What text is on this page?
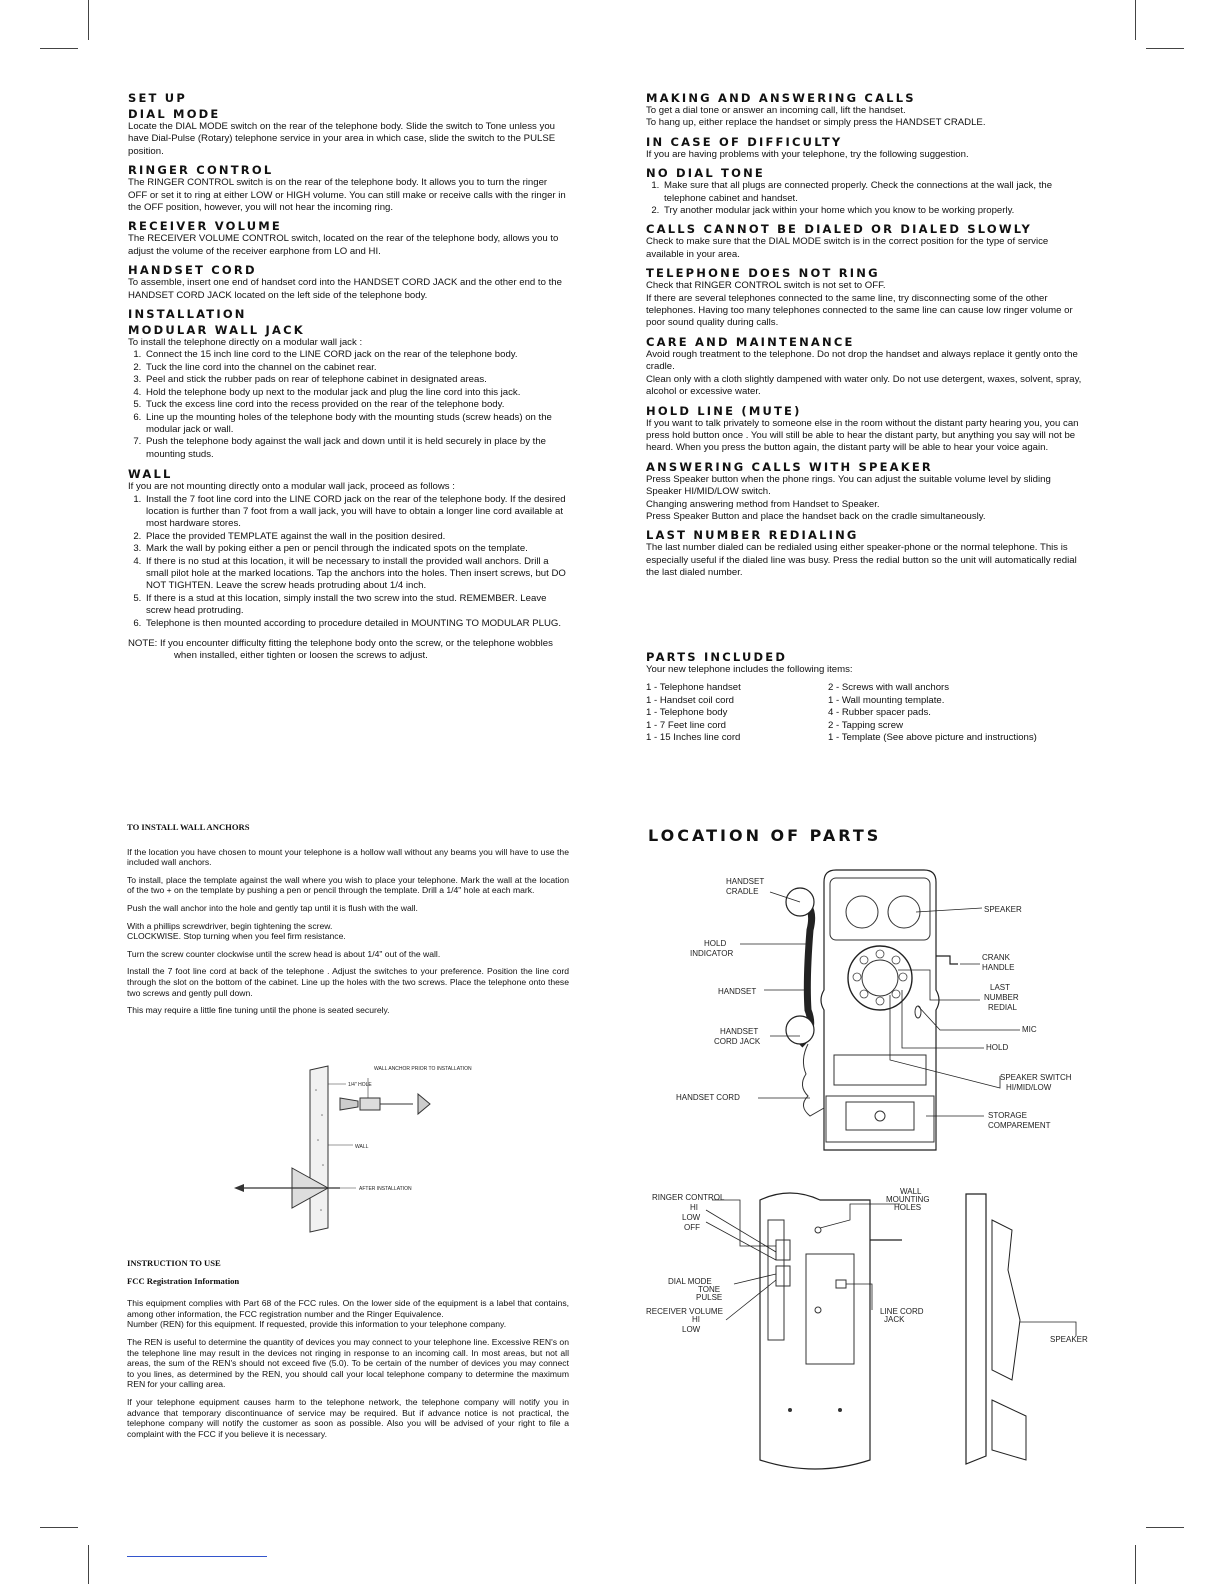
SET UP
DIAL MODE

Locate the DIAL MODE switch on the rear of the telephone body. Slide the switch to Tone unless you have Dial-Pulse (Rotary) telephone service in your area in which case, slide the switch to the PULSE position.

RINGER CONTROL

The RINGER CONTROL switch is on the rear of the telephone body. It allows you to turn the ringer OFF or set it to ring at either LOW or HIGH volume. You can still make or receive calls with the ringer in the OFF position, however, you will not hear the incoming ring.

RECEIVER VOLUME

The RECEIVER VOLUME CONTROL switch, located on the rear of the telephone body, allows you to adjust the volume of the receiver earphone from LO and HI.

HANDSET CORD

To assemble, insert one end of handset cord into the HANDSET CORD JACK and the other end to the HANDSET CORD JACK located on the left side of the telephone body.

INSTALLATION
MODULAR WALL JACK

To install the telephone directly on a modular wall jack :

1. Connect the 15 inch line cord to the LINE CORD jack on the rear of the telephone body.
2. Tuck the line cord into the channel on the cabinet rear.
3. Peel and stick the rubber pads on rear of telephone cabinet in designated areas.
4. Hold the telephone body up next to the modular jack and plug the line cord into this jack.
5. Tuck the excess line cord into the recess provided on the rear of the telephone body.
6. Line up the mounting holes of the telephone body with the mounting studs (screw heads) on the modular jack or wall.
7. Push the telephone body against the wall jack and down until it is held securely in place by the mounting studs.
WALL

If you are not mounting directly onto a modular wall jack, proceed as follows :

1. Install the 7 foot line cord into the LINE CORD jack on the rear of the telephone body. If the desired location is further than 7 foot from a wall jack, you will have to obtain a longer line cord available at most hardware stores.
2. Place the provided TEMPLATE against the wall in the position desired.
3. Mark the wall by poking either a pen or pencil through the indicated spots on the template.
4. If there is no stud at this location, it will be necessary to install the provided wall anchors. Drill a small pilot hole at the marked locations. Tap the anchors into the holes. Then insert screws, but DO NOT TIGHTEN. Leave the screw heads protruding about 1/4 inch.
5. If there is a stud at this location, simply install the two screw into the stud. REMEMBER. Leave screw head protruding.
6. Telephone is then mounted according to procedure detailed in MOUNTING TO MODULAR PLUG.

NOTE: If you encounter difficulty fitting the telephone body onto the screw, or the telephone wobbles when installed, either tighten or loosen the screws to adjust.

MAKING AND ANSWERING CALLS

To get a dial tone or answer an incoming call, lift the handset.
To hang up, either replace the handset or simply press the HANDSET CRADLE.

IN CASE OF DIFFICULTY

If you are having problems with your telephone, try the following suggestion.

NO DIAL TONE
1. Make sure that all plugs are connected properly. Check the connections at the wall jack, the telephone cabinet and handset.
2. Try another modular jack within your home which you know to be working properly.
CALLS CANNOT BE DIALED OR DIALED SLOWLY

Check to make sure that the DIAL MODE switch is in the correct position for the type of service available in your area.

TELEPHONE DOES NOT RING

Check that RINGER CONTROL switch is not set to OFF.
If there are several telephones connected to the same line, try disconnecting some of the other telephones. Having too many telephones connected to the same line can cause low ringer volume or poor sound quality during calls.

CARE AND MAINTENANCE

Avoid rough treatment to the telephone. Do not drop the handset and always replace it gently onto the cradle.
Clean only with a cloth slightly dampened with water only. Do not use detergent, waxes, solvent, spray, alcohol or excessive water.

HOLD LINE (MUTE)

If you want to talk privately to someone else in the room without the distant party hearing you, you can press hold button once . You will still be able to hear the distant party, but anything you say will not be heard. When you press the button again, the distant party will be able to hear your voice again.

ANSWERING CALLS WITH SPEAKER

Press Speaker button when the phone rings. You can adjust the suitable volume level by sliding Speaker HI/MID/LOW switch.
Changing answering method from Handset to Speaker.
Press Speaker Button and place the handset back on the cradle simultaneously.

LAST NUMBER REDIALING

The last number dialed can be redialed using either speaker-phone or the normal telephone. This is especially useful if the dialed line was busy. Press the redial button so the unit will automatically redial the last dialed number.

PARTS INCLUDED

Your new telephone includes the following items:

1 - Telephone handset
1 - Handset coil cord
1 - Telephone body
1 - 7 Feet line cord
1 - 15 Inches line cord
2 - Screws with wall anchors
1 - Wall mounting template.
4 - Rubber spacer pads.
2 - Tapping screw
1 - Template (See above picture and instructions)

TO INSTALL WALL ANCHORS

If the location you have chosen to mount your telephone is a hollow wall without any beams you will have to use the included wall anchors.

To install, place the template against the wall where you wish to place your telephone. Mark the wall at the location of the two + on the template by pushing a pen or pencil through the template. Drill a 1/4" hole at each mark.

Push the wall anchor into the hole and gently tap until it is flush with the wall.

With a phillips screwdriver, begin tightening the screw.
CLOCKWISE. Stop turning when you feel firm resistance.

Turn the screw counter clockwise until the screw head is about 1/4" out of the wall.

Install the 7 foot line cord at back of the telephone . Adjust the switches to your preference. Position the line cord through the slot on the bottom of the cabinet. Line up the holes with the two screws. Place the telephone onto these two screws and gently pull down.

This may require a little fine tuning until the phone is seated securely.

WALL ANCHOR PRIOR TO INSTALLATION
1/4" HOLE
WALL
AFTER INSTALLATION

INSTRUCTION TO USE

FCC Registration Information

This equipment complies with Part 68 of the FCC rules. On the lower side of the equipment is a label that contains, among other information, the FCC registration number and the Ringer Equivalence.
Number (REN) for this equipment. If requested, provide this information to your telephone company.

The REN is useful to determine the quantity of devices you may connect to your telephone line. Excessive REN's on the telephone line may result in the devices not ringing in response to an incoming call. In most areas, but not all areas, the sum of the REN's should not exceed five (5.0). To be certain of the number of devices you may connect to you lines, as determined by the REN, you should call your local telephone company to determine the maximum REN for your calling area.

If your telephone equipment causes harm to the telephone network, the telephone company will notify you in advance that temporary discontinuance of service may be required. But if advance notice is not practical, the telephone company will notify the customer as soon as possible. Also you will be advised of your right to file a complaint with the FCC if you believe it is necessary.

LOCATION OF PARTS
HANDSET
CRADLE
SPEAKER
HOLD
INDICATOR	CRANK
HANDLE
HANDSET	LAST
NUMBER
REDIAL
MIC
HANDSET
CORD JACK
HOLD
SPEAKER SWITCH
HI/MID/LOW
HANDSET CORD
STORAGE
COMPAREMENT
RINGER CONTROL
HI
LOW
OFF
WALL
MOUNTING
HOLES
DIAL MODE
TONE
PULSE
RECEIVER VOLUME
HI
LOW
LINE CORD
JACK
SPEAKER
